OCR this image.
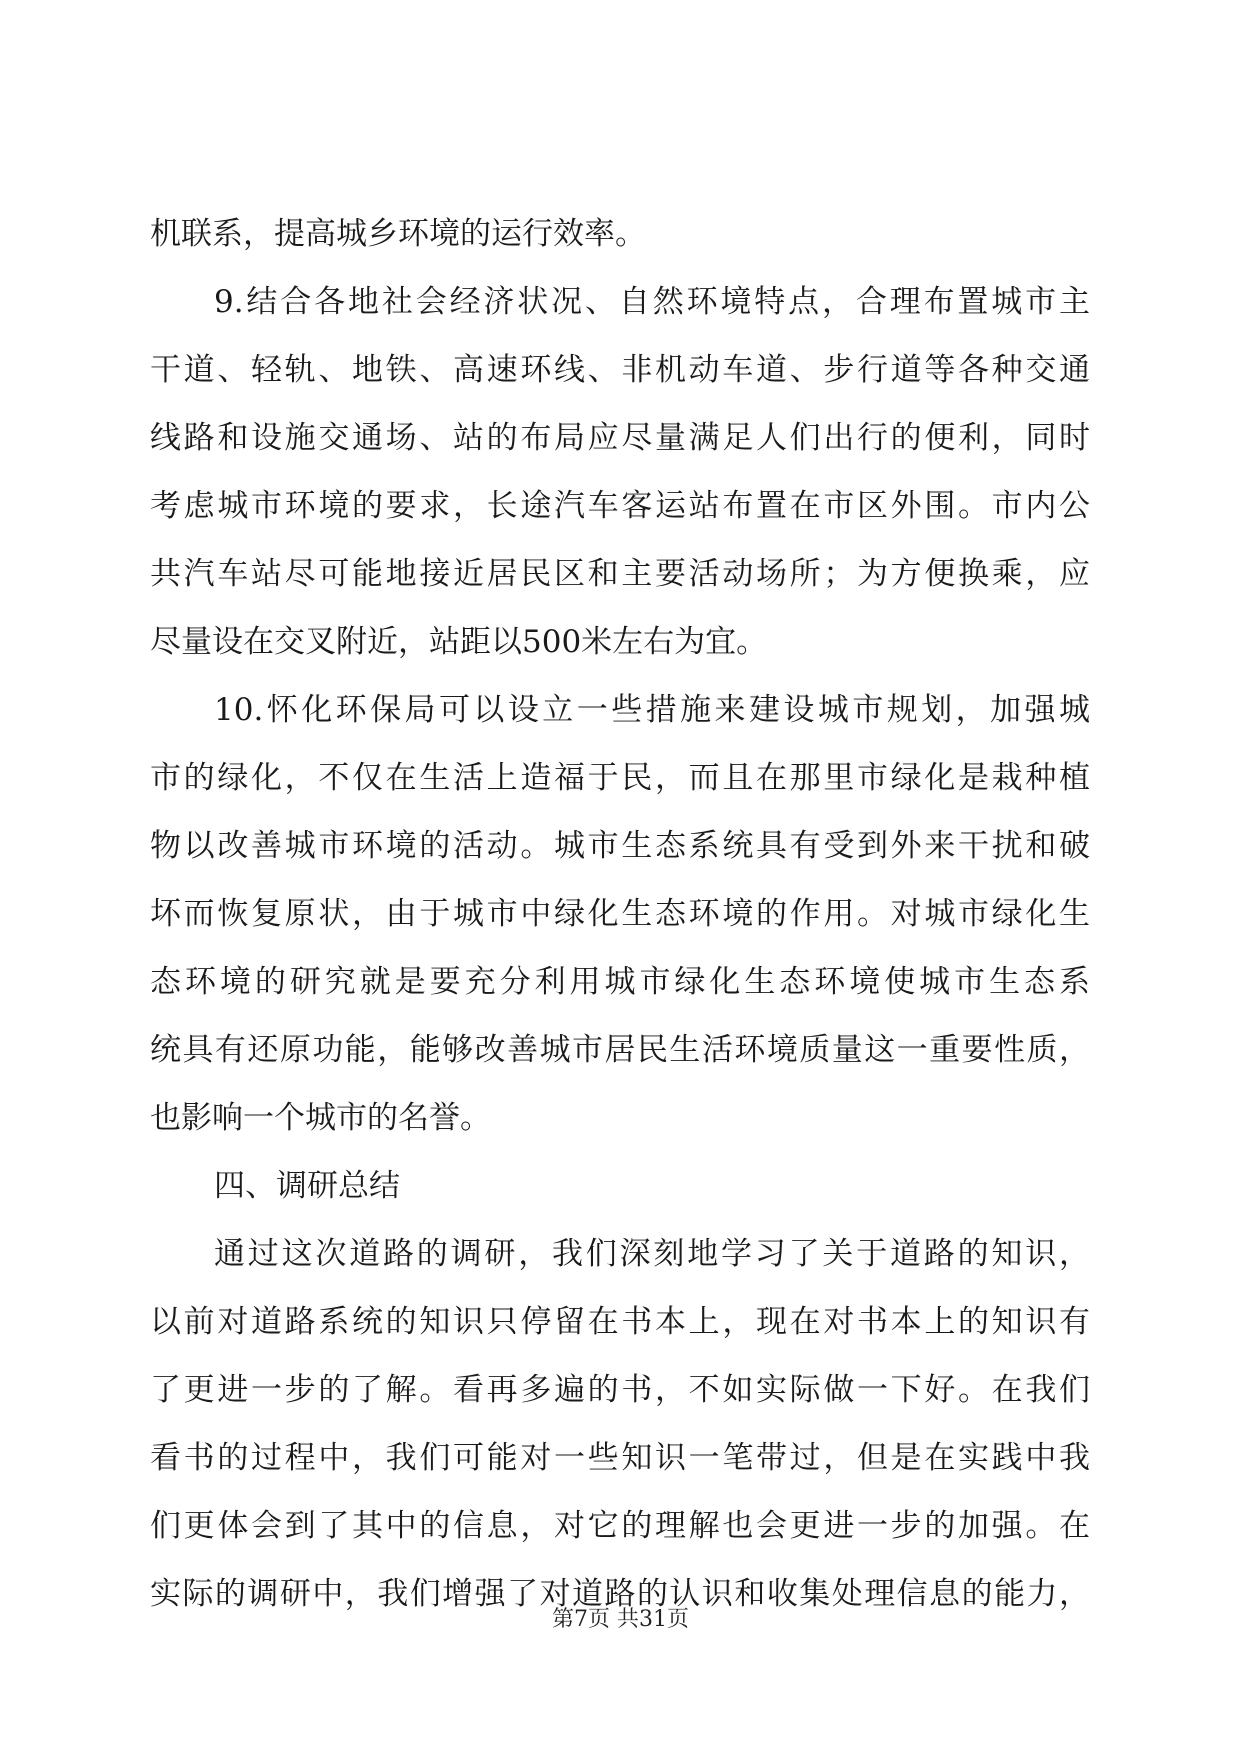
机联系，提高城乡环境的运行效率。
9.结合各地社会经济状况、自然环境特点，合理布置城市主
干道、轻轨、地铁、高速环线、非机动车道、步行道等各种交通
线路和设施交通场、站的布局应尽量满足人们出行的便利，同时
考虑城市环境的要求，长途汽车客运站布置在市区外围。市内公
共汽车站尽可能地接近居民区和主要活动场所；为方便换乘，应
尽量设在交叉附近，站距以500米左右为宜。
10.怀化环保局可以设立一些措施来建设城市规划，加强城
市的绿化，不仅在生活上造福于民，而且在那里市绿化是栽种植
物以改善城市环境的活动。城市生态系统具有受到外来干扰和破
坏而恢复原状，由于城市中绿化生态环境的作用。对城市绿化生
态环境的研究就是要充分利用城市绿化生态环境使城市生态系
统具有还原功能，能够改善城市居民生活环境质量这一重要性质，
也影响一个城市的名誉。
四、调研总结
通过这次道路的调研，我们深刻地学习了关于道路的知识，
以前对道路系统的知识只停留在书本上，现在对书本上的知识有
了更进一步的了解。看再多遍的书，不如实际做一下好。在我们
看书的过程中，我们可能对一些知识一笔带过，但是在实践中我
们更体会到了其中的信息，对它的理解也会更进一步的加强。在
实际的调研中，我们增强了对道路的认识和收集处理信息的能力，
第7页 共31页
